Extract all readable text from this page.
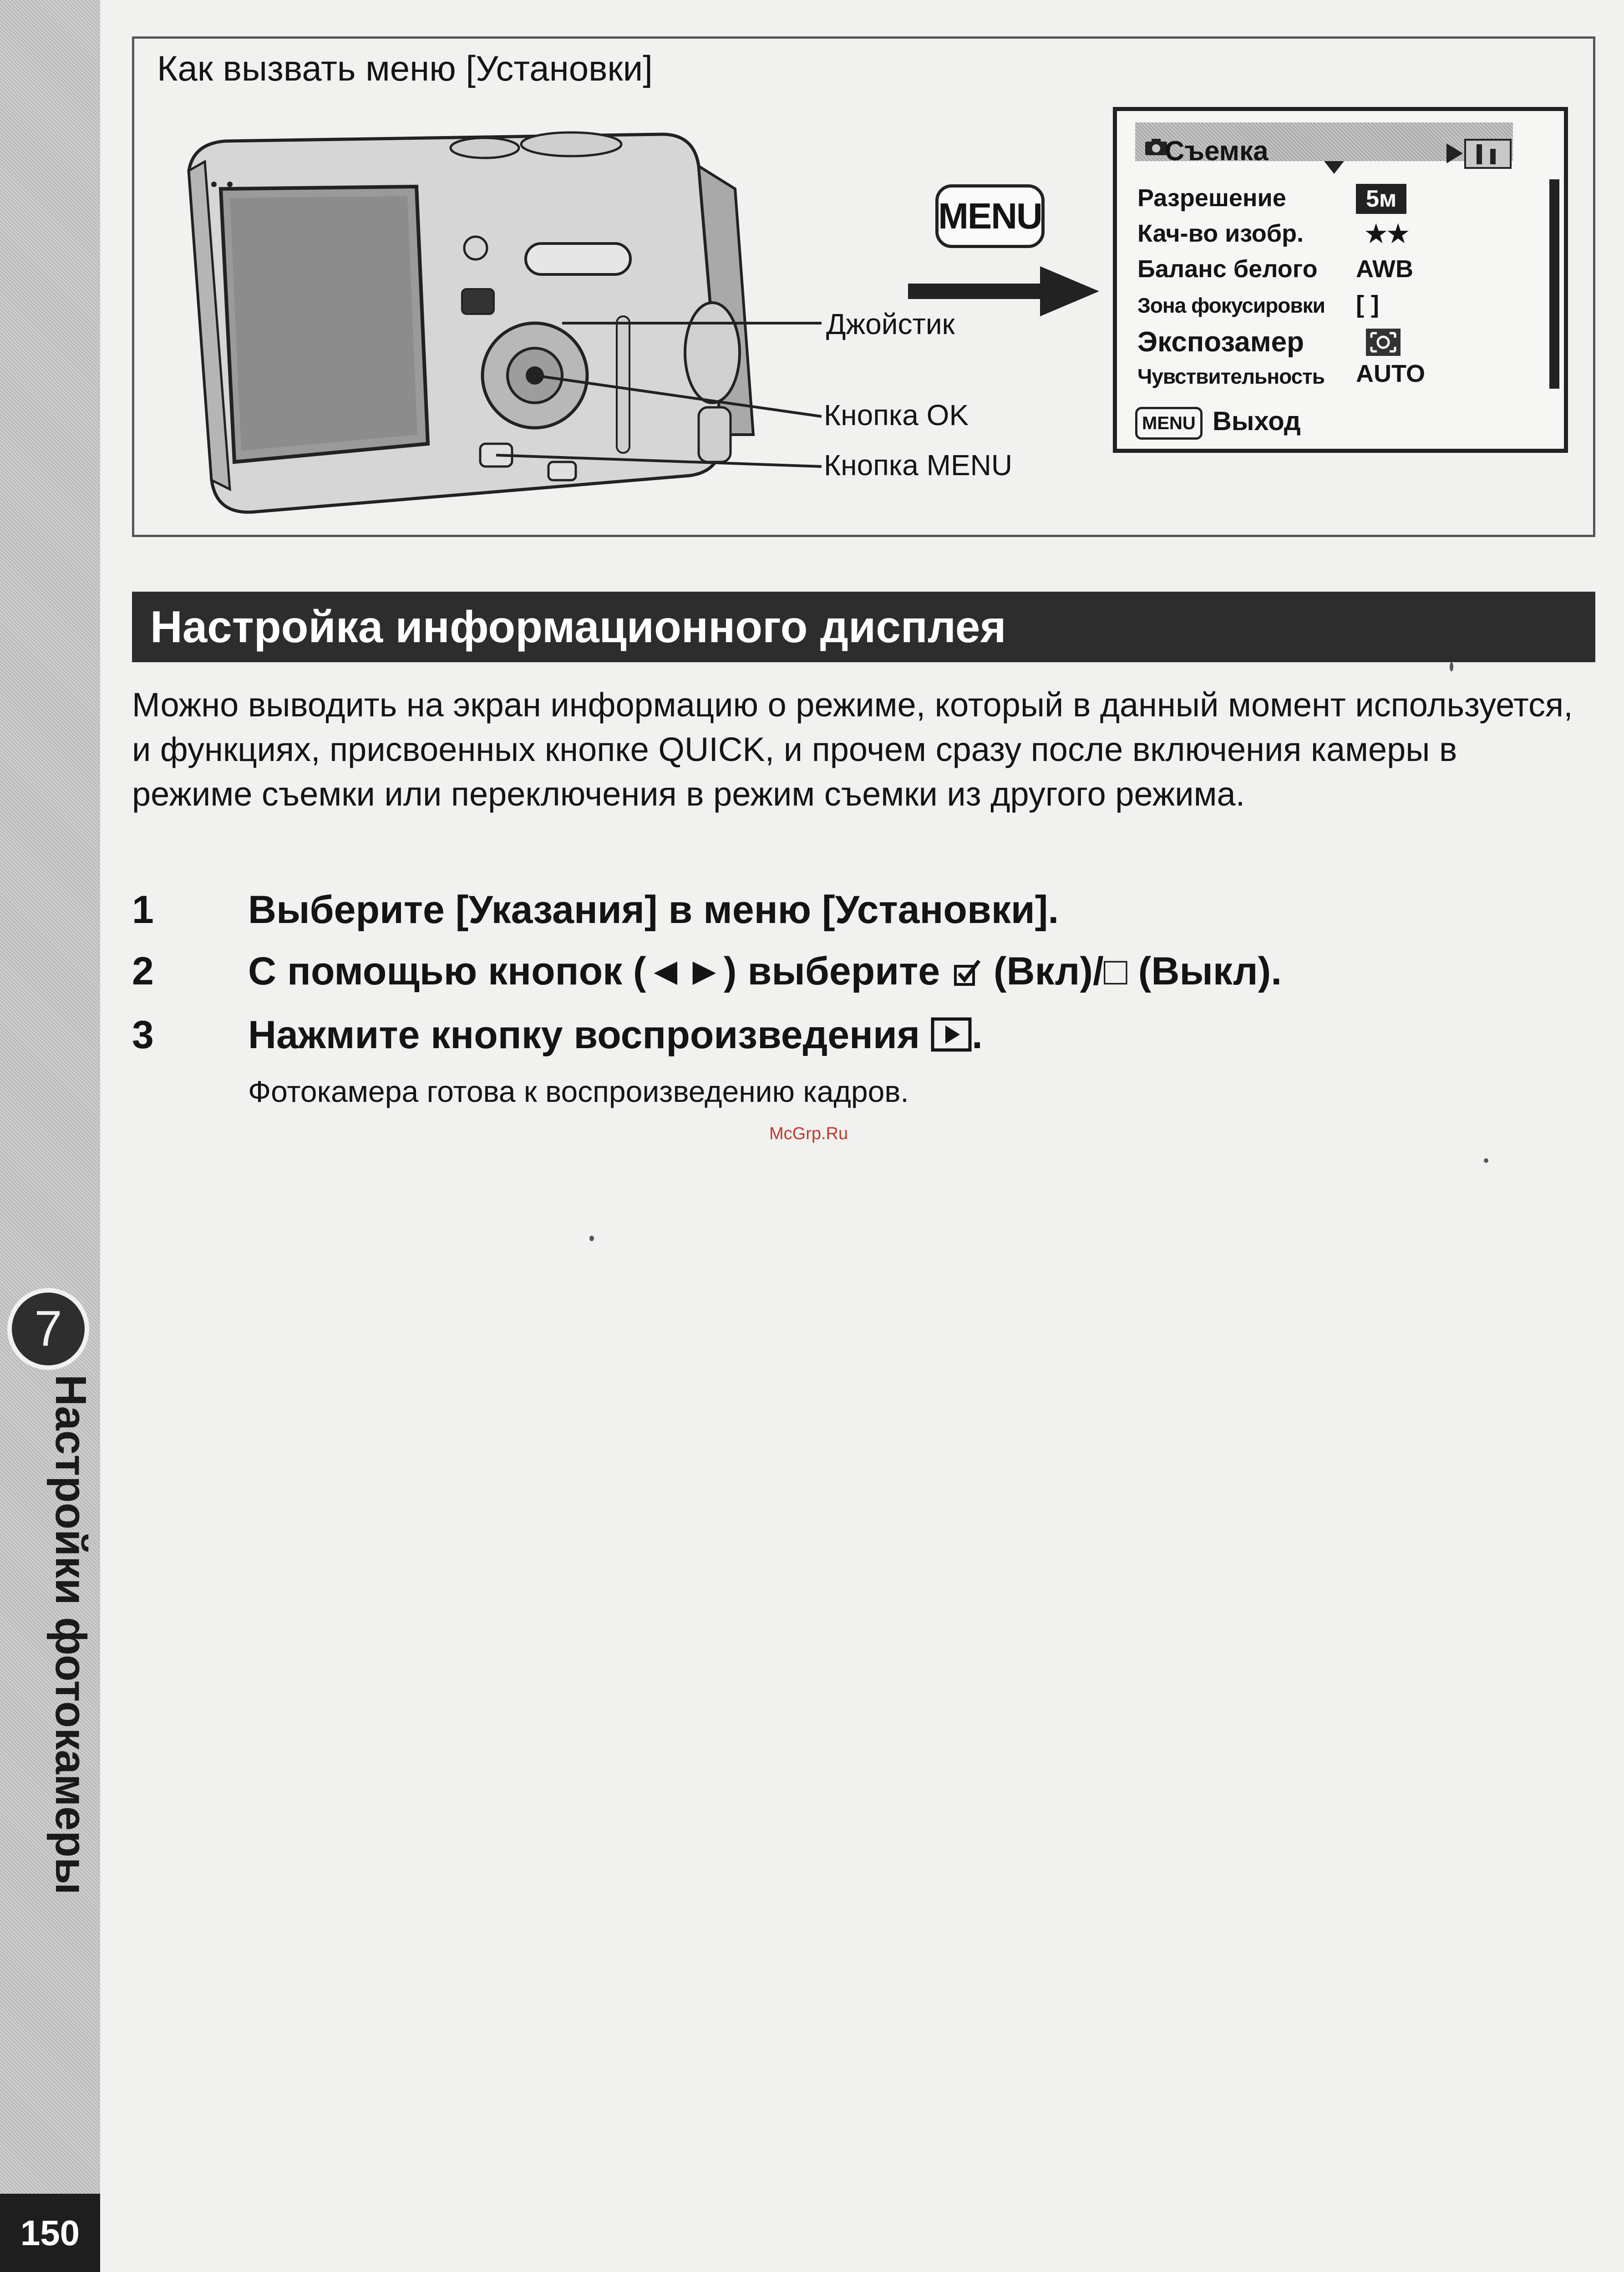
7
Настройки фотокамеры
150
Как вызвать меню [Установки]
Джойстик
Кнопка OK
Кнопка MENU
MENU
Съемка
Разрешение	5м
Кач-во изобр. ★★
Баланс белого AWB
Зона фокусировки [ ]
Экспозамер
Чувствительность AUTO
MENU Выход
Настройка информационного дисплея
Можно выводить на экран информацию о режиме, который в данный момент используется, и функциях, присвоенных кнопке QUICK, и прочем сразу после включения камеры в режиме съемки или переключения в режим съемки из другого режима.
1 Выберите [Указания] в меню [Установки].
2 С помощью кнопок (◄►) выберите  (Вкл)/□ (Выкл).
3 Нажмите кнопку воспроизведения .
Фотокамера готова к воспроизведению кадров.
McGrp.Ru
